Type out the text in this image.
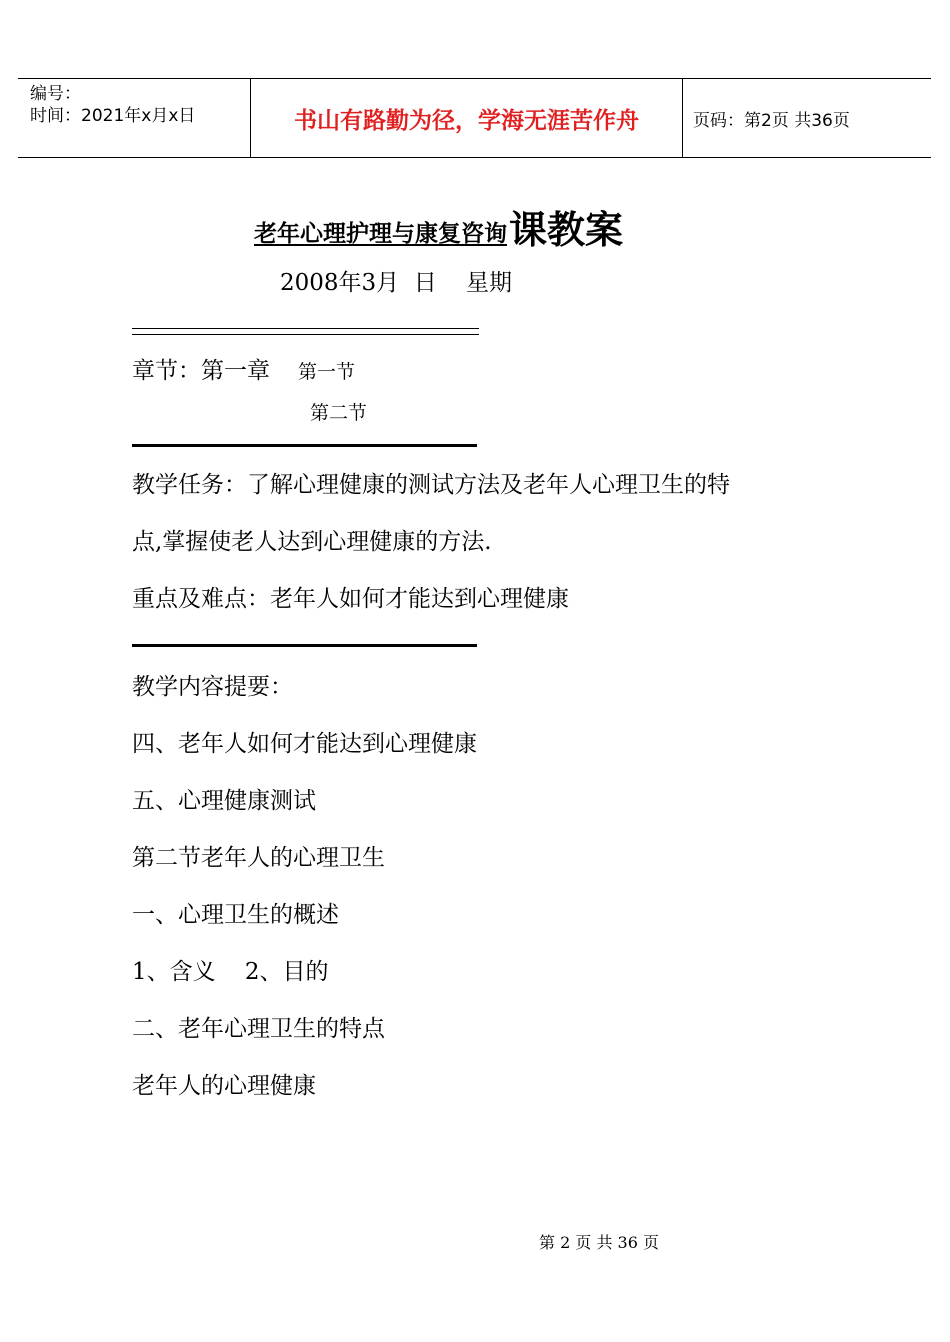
编号：
时间：2021年x月x日	书山有路勤为径，学海无涯苦作舟	页码：第2页 共36页
老年心理护理与康复咨询 课教案
2008年3月  日    星期
章节：第一章 第一节
第二节
教学任务：了解心理健康的测试方法及老年人心理卫生的特
点,掌握使老人达到心理健康的方法.
重点及难点：老年人如何才能达到心理健康
教学内容提要：
四、老年人如何才能达到心理健康
五、心理健康测试
第二节老年人的心理卫生
一、心理卫生的概述
1、含义    2、目的
二、老年心理卫生的特点
老年人的心理健康
第 2 页 共 36 页
